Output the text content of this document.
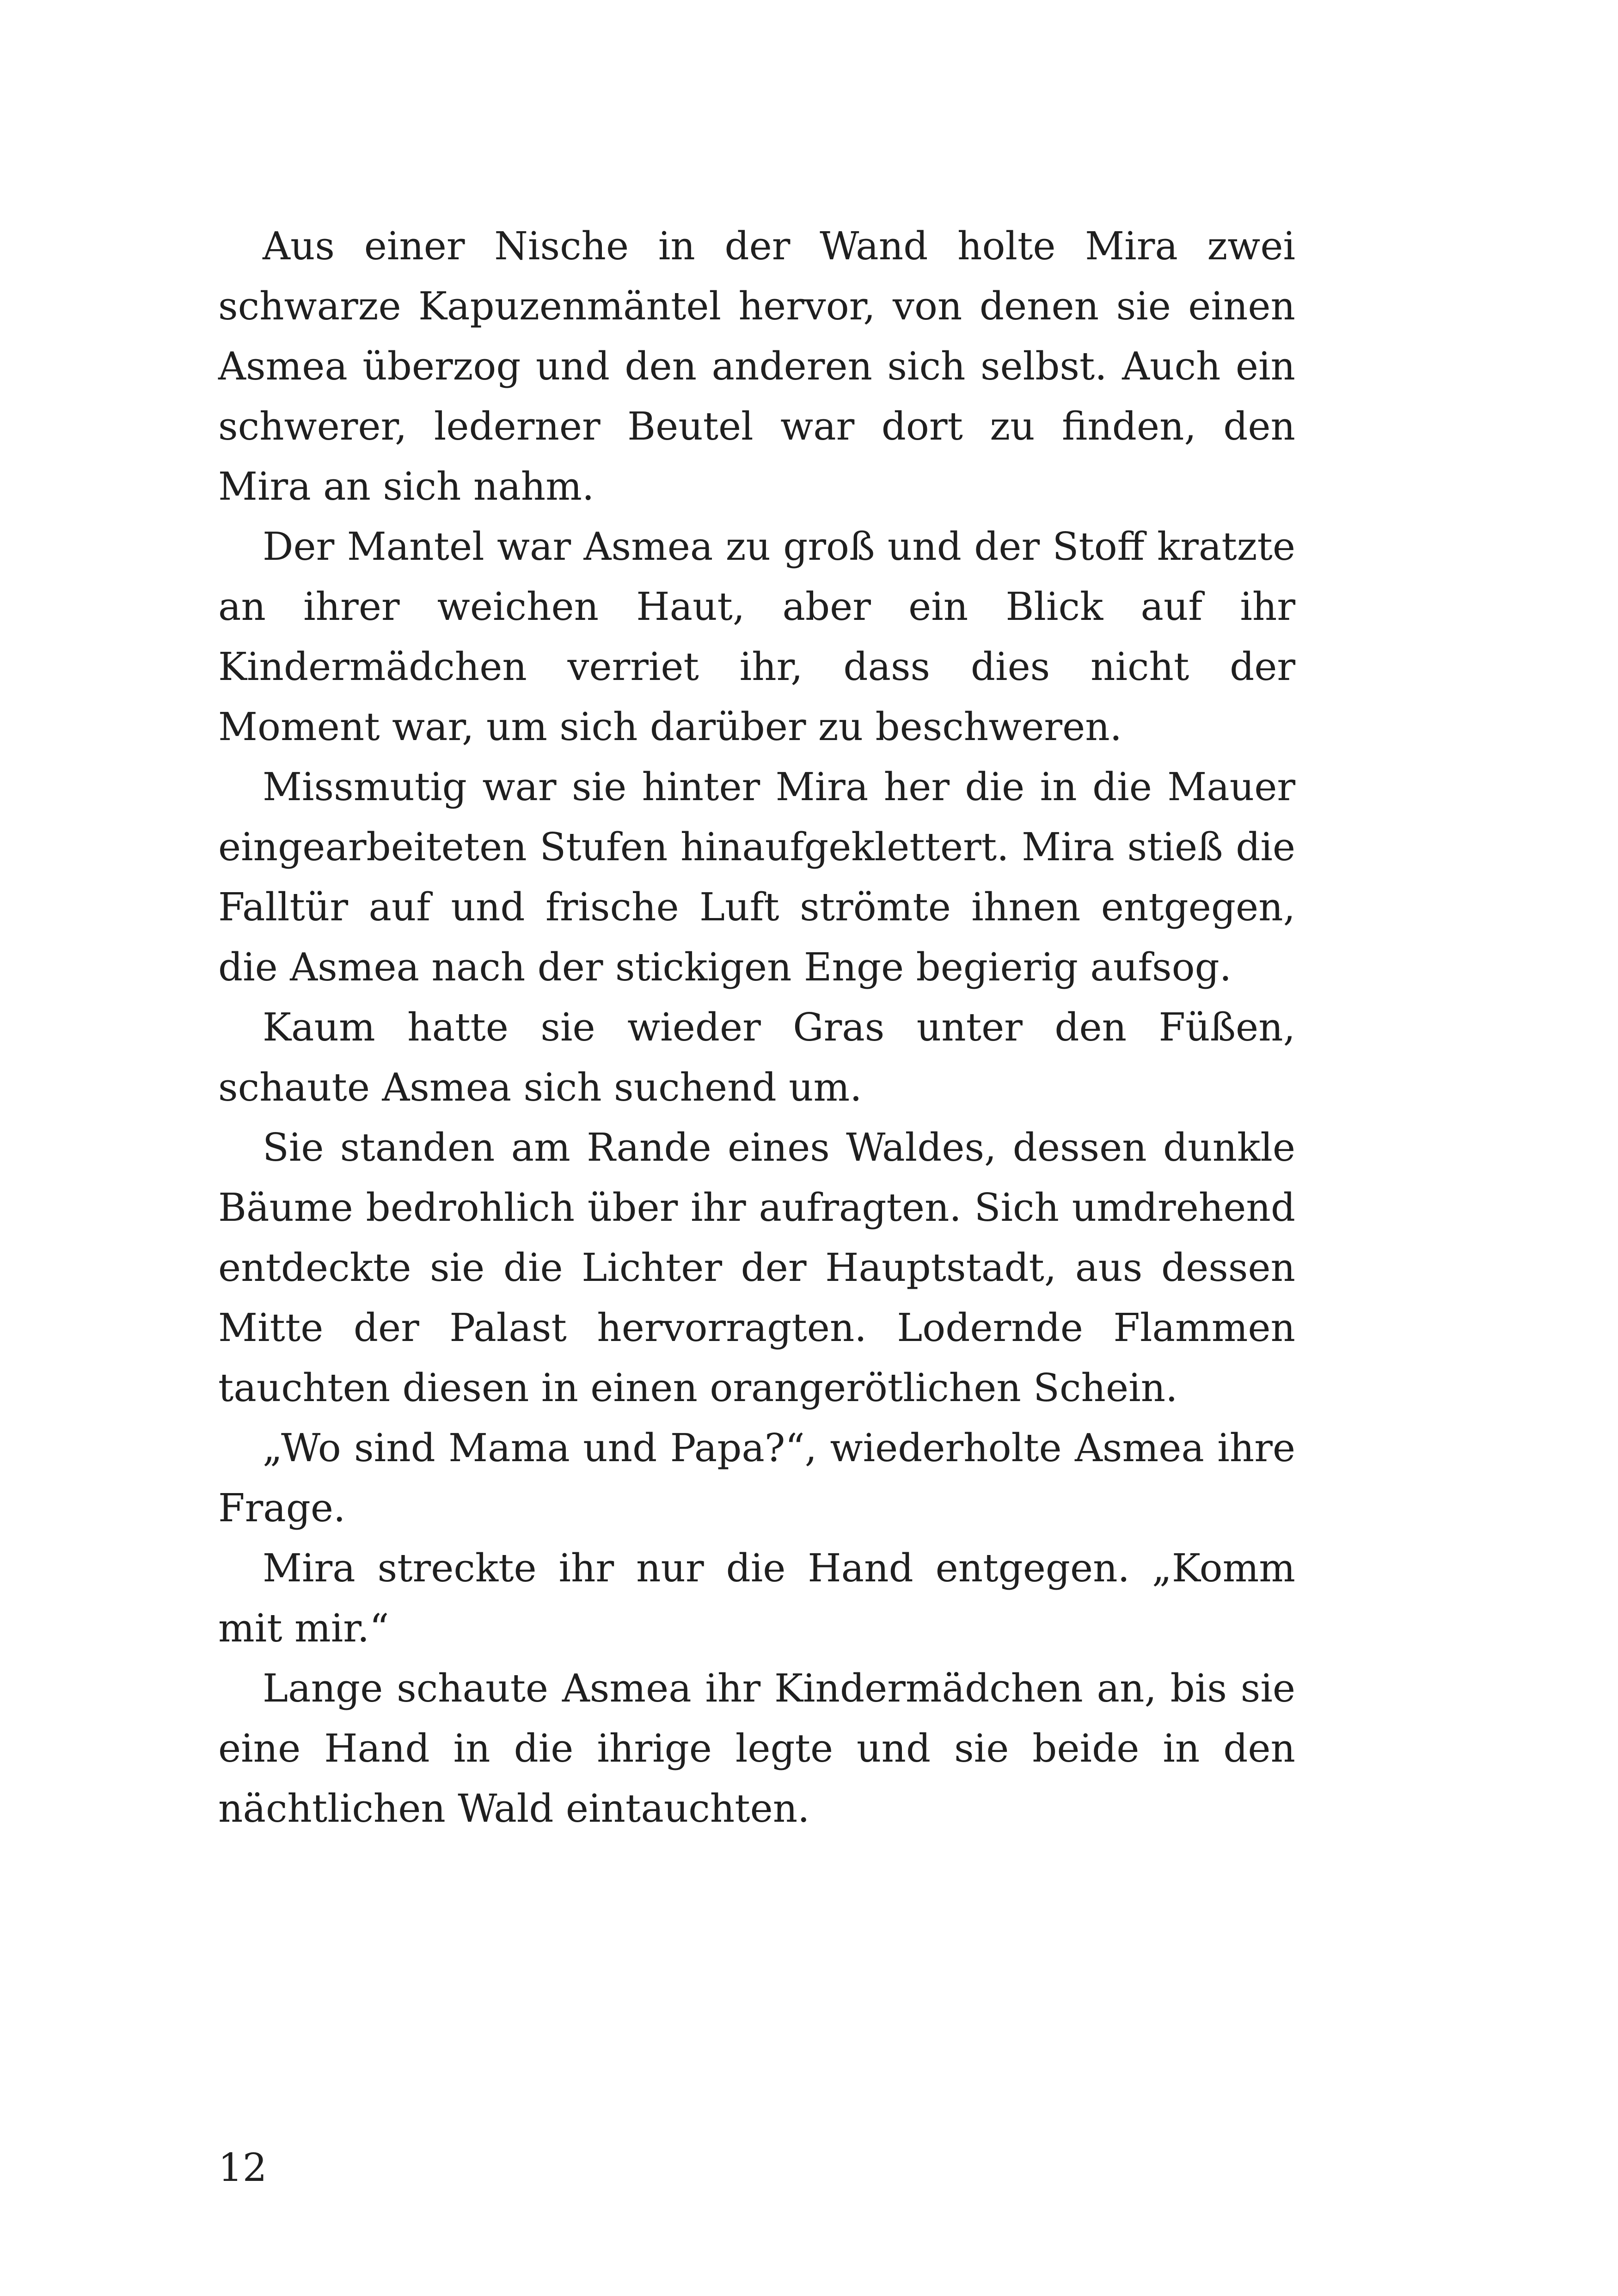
Aus einer Nische in der Wand holte Mira zwei schwarze Kapuzenmäntel hervor, von denen sie einen Asmea überzog und den anderen sich selbst. Auch ein schwerer, lederner Beutel war dort zu finden, den Mira an sich nahm.

Der Mantel war Asmea zu groß und der Stoff kratzte an ihrer weichen Haut, aber ein Blick auf ihr Kindermädchen verriet ihr, dass dies nicht der Moment war, um sich darüber zu beschweren.

Missmutig war sie hinter Mira her die in die Mauer eingearbeiteten Stufen hinaufgeklettert. Mira stieß die Falltür auf und frische Luft strömte ihnen entgegen, die Asmea nach der stickigen Enge begierig aufsog.

Kaum hatte sie wieder Gras unter den Füßen, schaute Asmea sich suchend um.

Sie standen am Rande eines Waldes, dessen dunkle Bäume bedrohlich über ihr aufragten. Sich umdrehend entdeckte sie die Lichter der Hauptstadt, aus dessen Mitte der Palast hervorragten. Lodernde Flammen tauchten diesen in einen orangerötlichen Schein.

„Wo sind Mama und Papa?“, wiederholte Asmea ihre Frage.

Mira streckte ihr nur die Hand entgegen. „Komm mit mir.“

Lange schaute Asmea ihr Kindermädchen an, bis sie eine Hand in die ihrige legte und sie beide in den nächtlichen Wald eintauchten.

12
